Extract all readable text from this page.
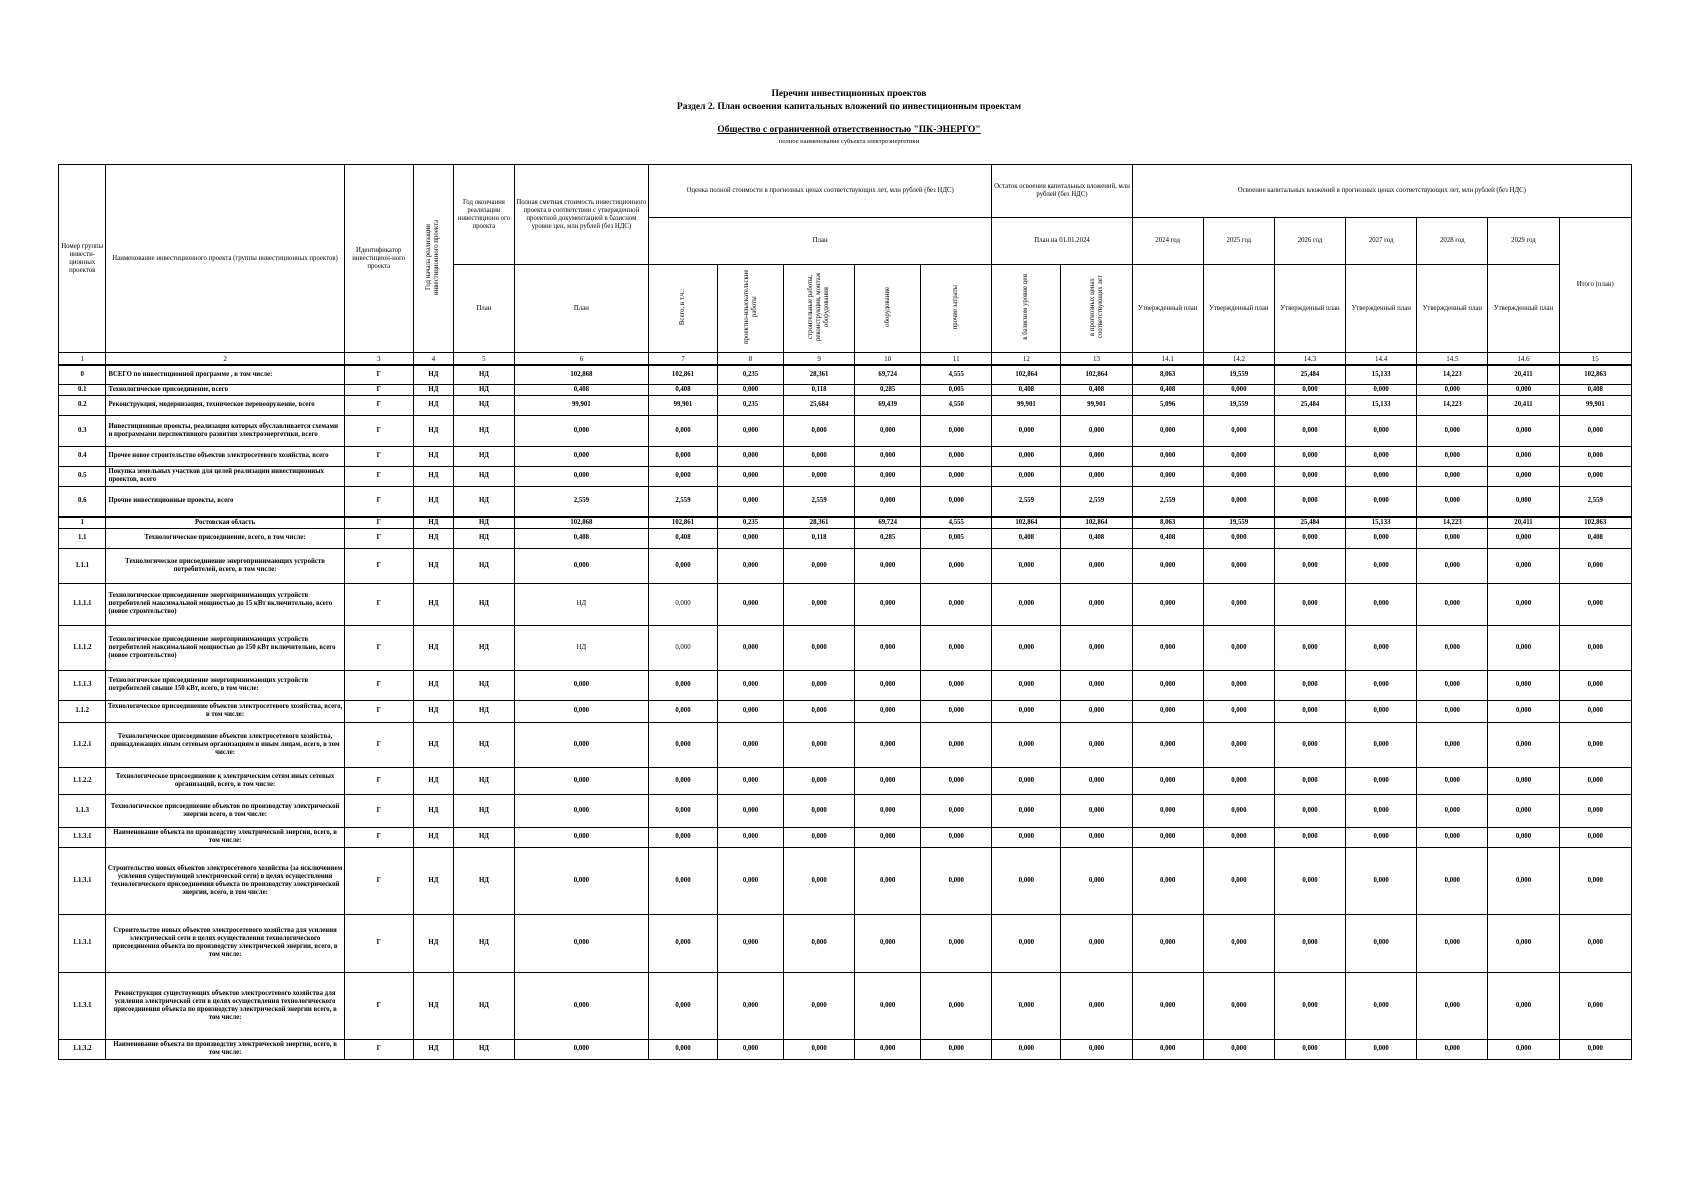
Перечни инвестиционных проектов
Раздел 2. План освоения капитальных вложений по инвестиционным проектам
Общество с ограниченной ответственностью "ПК-ЭНЕРГО"
полное наименование субъекта электроэнергетики
Номер группы инвести-ционных проектов	Наименование инвестиционного проекта (группы инвестиционных проектов)	Идентификатор инвестицион-ного проекта	Год начала реализации инвестиционного проекта	Год окончания реализации инвестиционн ого проекта	Полная сметная стоимость инвестиционного проекта в соответствии с утвержденной проектной документацией в базисном уровне цен, млн рублей (без НДС)	Оценка полной стоимости в прогнозных ценах соответствующих лет, млн рублей (без НДС)					Остаток освоения капитальных вложений, млн рублей (без НДС)		Освоение капитальных вложений в прогнозных ценах соответствующих лет, млн рублей (без НДС)						
						План					План на 01.01.2024		2024 год	2025 год	2026 год	2027 год	2028 год	2029 год	Итого (план)
				План	План	Всего, в т.ч.:	проектно-изыскательские работы	строительные работы, реконструкция, монтаж оборудования	оборудование	прочие затраты	в базисном уровне цен	в прогнозных ценах соответствующих лет	Утвержденный план	Утвержденный план	Утвержденный план	Утвержденный план	Утвержденный план	Утвержденный план	
1	2	3	4	5	6	7	8	9	10	11	12	13	14.1	14.2	14.3	14.4	14.5	14.6	15
0	ВСЕГО по инвестиционной программе , в том числе:	Г	НД	НД	102,868	102,861	0,235	28,361	69,724	4,555	102,864	102,864	8,063	19,559	25,484	15,133	14,223	20,411	102,863
0.1	Технологическое присоединение, всего	Г	НД	НД	0,408	0,408	0,000	0,118	0,285	0,005	0,408	0,408	0,408	0,000	0,000	0,000	0,000	0,000	0,408
0.2	Реконструкция, модернизация, техническое перевооружение, всего	Г	НД	НД	99,901	99,901	0,235	25,684	69,439	4,550	99,901	99,901	5,096	19,559	25,484	15,133	14,223	20,411	99,901
0.3	Инвестиционные проекты, реализация которых обуславливается схемами и программами перспективного развития электроэнергетики, всего	Г	НД	НД	0,000	0,000	0,000	0,000	0,000	0,000	0,000	0,000	0,000	0,000	0,000	0,000	0,000	0,000	0,000
0.4	Прочее новое строительство объектов электросетевого хозяйства, всего	Г	НД	НД	0,000	0,000	0,000	0,000	0,000	0,000	0,000	0,000	0,000	0,000	0,000	0,000	0,000	0,000	0,000
0.5	Покупка земельных участков для целей реализации инвестиционных проектов, всего	Г	НД	НД	0,000	0,000	0,000	0,000	0,000	0,000	0,000	0,000	0,000	0,000	0,000	0,000	0,000	0,000	0,000
0.6	Прочие инвестиционные проекты, всего	Г	НД	НД	2,559	2,559	0,000	2,559	0,000	0,000	2,559	2,559	2,559	0,000	0,000	0,000	0,000	0,000	2,559
1	Ростовская область	Г	НД	НД	102,868	102,861	0,235	28,361	69,724	4,555	102,864	102,864	8,063	19,559	25,484	15,133	14,223	20,411	102,863
1.1	Технологическое присоединение, всего, в том числе:	Г	НД	НД	0,408	0,408	0,000	0,118	0,285	0,005	0,408	0,408	0,408	0,000	0,000	0,000	0,000	0,000	0,408
1.1.1	Технологическое присоединение энергопринимающих устройств потребителей, всего, в том числе:	Г	НД	НД	0,000	0,000	0,000	0,000	0,000	0,000	0,000	0,000	0,000	0,000	0,000	0,000	0,000	0,000	0,000
1.1.1.1	Технологическое присоединение энергопринимающих устройств потребителей максимальной мощностью до 15 кВт включительно, всего (новое строительство)	Г	НД	НД	НД	0,000	0,000	0,000	0,000	0,000	0,000	0,000	0,000	0,000	0,000	0,000	0,000	0,000	0,000
1.1.1.2	Технологическое присоединение энергопринимающих устройств потребителей максимальной мощностью до 150 кВт включительно, всего (новое строительство)	Г	НД	НД	НД	0,000	0,000	0,000	0,000	0,000	0,000	0,000	0,000	0,000	0,000	0,000	0,000	0,000	0,000
1.1.1.3	Технологическое присоединение энергопринимающих устройств потребителей свыше 150 кВт, всего, в том числе:	Г	НД	НД	0,000	0,000	0,000	0,000	0,000	0,000	0,000	0,000	0,000	0,000	0,000	0,000	0,000	0,000	0,000
1.1.2	Технологическое присоединение объектов электросетевого хозяйства, всего, в том числе:	Г	НД	НД	0,000	0,000	0,000	0,000	0,000	0,000	0,000	0,000	0,000	0,000	0,000	0,000	0,000	0,000	0,000
1.1.2.1	Технологическое присоединение объектов электросетевого хозяйства, принадлежащих иным сетевым организациям и иным лицам, всего, в том числе:	Г	НД	НД	0,000	0,000	0,000	0,000	0,000	0,000	0,000	0,000	0,000	0,000	0,000	0,000	0,000	0,000	0,000
1.1.2.2	Технологическое присоединение к электрическим сетям иных сетевых организаций, всего, в том числе:	Г	НД	НД	0,000	0,000	0,000	0,000	0,000	0,000	0,000	0,000	0,000	0,000	0,000	0,000	0,000	0,000	0,000
1.1.3	Технологическое присоединение объектов по производству электрической энергии всего, в том числе:	Г	НД	НД	0,000	0,000	0,000	0,000	0,000	0,000	0,000	0,000	0,000	0,000	0,000	0,000	0,000	0,000	0,000
1.1.3.1	Наименование объекта по производству электрической энергии, всего, в том числе:	Г	НД	НД	0,000	0,000	0,000	0,000	0,000	0,000	0,000	0,000	0,000	0,000	0,000	0,000	0,000	0,000	0,000
1.1.3.1	Строительство новых объектов электросетевого хозяйства (за исключением усиления существующей электрической сети) в целях осуществления технологического присоединения объекта по производству электрической энергии, всего, в том числе:	Г	НД	НД	0,000	0,000	0,000	0,000	0,000	0,000	0,000	0,000	0,000	0,000	0,000	0,000	0,000	0,000	0,000
1.1.3.1	Строительство новых объектов электросетевого хозяйства для усиления электрической сети в целях осуществления технологического присоединения объекта по производству электрической энергии, всего, в том числе:	Г	НД	НД	0,000	0,000	0,000	0,000	0,000	0,000	0,000	0,000	0,000	0,000	0,000	0,000	0,000	0,000	0,000
1.1.3.1	Реконструкция существующих объектов электросетевого хозяйства для усиления электрической сети в целях осуществления технологического присоединения объекта по производству электрической энергии всего, в том числе:	Г	НД	НД	0,000	0,000	0,000	0,000	0,000	0,000	0,000	0,000	0,000	0,000	0,000	0,000	0,000	0,000	0,000
1.1.3.2	Наименование объекта по производству электрической энергии, всего, в том числе:	Г	НД	НД	0,000	0,000	0,000	0,000	0,000	0,000	0,000	0,000	0,000	0,000	0,000	0,000	0,000	0,000	0,000
